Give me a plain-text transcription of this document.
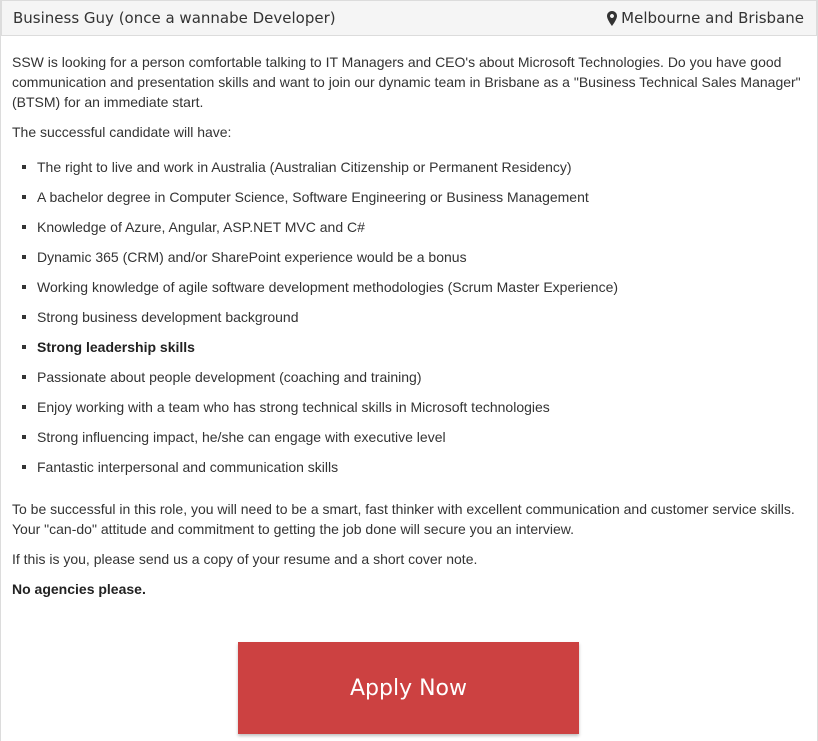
Business Guy (once a wannabe Developer)	Melbourne and Brisbane

SSW is looking for a person comfortable talking to IT Managers and CEO's about Microsoft Technologies. Do you have good communication and presentation skills and want to join our dynamic team in Brisbane as a "Business Technical Sales Manager" (BTSM) for an immediate start.

The successful candidate will have:

The right to live and work in Australia (Australian Citizenship or Permanent Residency)
A bachelor degree in Computer Science, Software Engineering or Business Management
Knowledge of Azure, Angular, ASP.NET MVC and C#
Dynamic 365 (CRM) and/or SharePoint experience would be a bonus
Working knowledge of agile software development methodologies (Scrum Master Experience)
Strong business development background
Strong leadership skills
Passionate about people development (coaching and training)
Enjoy working with a team who has strong technical skills in Microsoft technologies
Strong influencing impact, he/she can engage with executive level
Fantastic interpersonal and communication skills

To be successful in this role, you will need to be a smart, fast thinker with excellent communication and customer service skills. Your "can-do" attitude and commitment to getting the job done will secure you an interview.

If this is you, please send us a copy of your resume and a short cover note.

No agencies please.

Apply Now
